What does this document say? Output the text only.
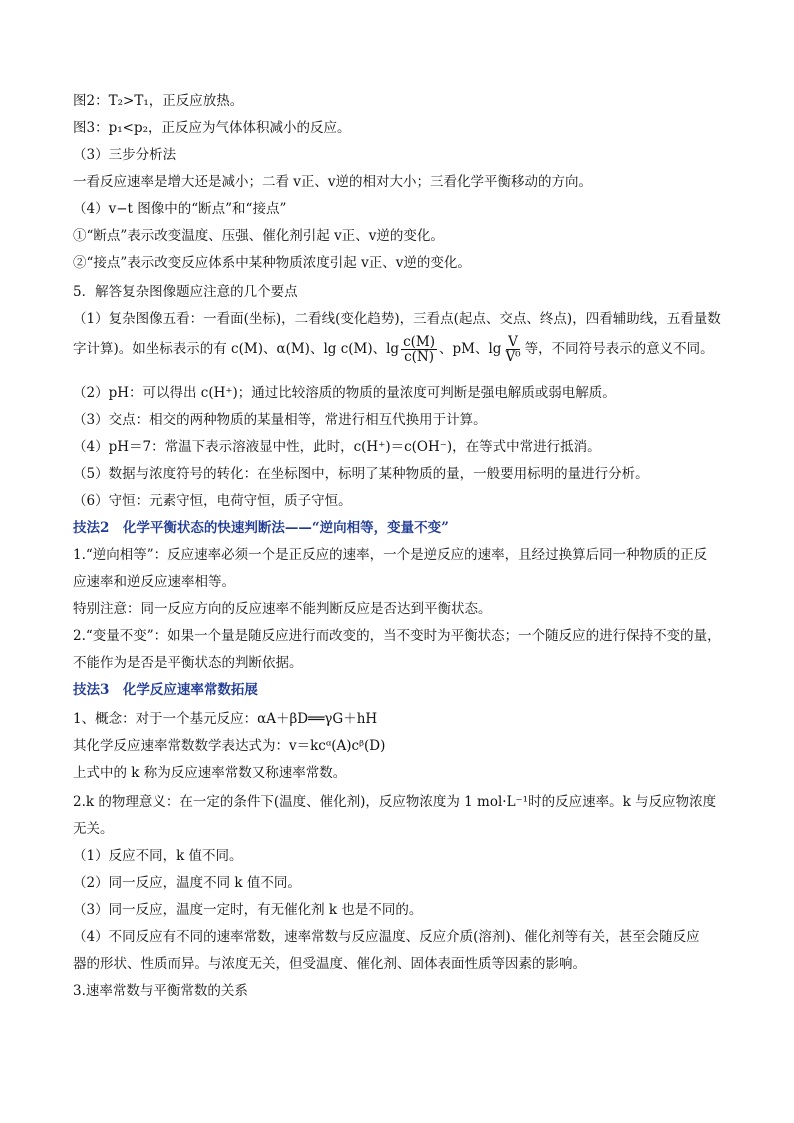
图2：T₂>T₁，正反应放热。
图3：p₁<p₂，正反应为气体体积减小的反应。
（3）三步分析法
一看反应速率是增大还是减小；二看 v正、v逆的相对大小；三看化学平衡移动的方向。
（4）v−t 图像中的“断点”和“接点”
①“断点”表示改变温度、压强、催化剂引起 v正、v逆的变化。
②“接点”表示改变反应体系中某种物质浓度引起 v正、v逆的变化。
5．解答复杂图像题应注意的几个要点
（1）复杂图像五看：一看面(坐标)，二看线(变化趋势)，三看点(起点、交点、终点)，四看辅助线，五看量数
字计算)。如坐标表示的有 c(M)、α(M)、lg c(M)、$\lg \frac{c(M)}{c(N)}$ 、pM、$\lg \frac{V}{\text{V⁰}}$ 等，不同符号表示的意义不同。
（2）pH：可以得出 c(H⁺)；通过比较溶质的物质的量浓度可判断是强电解质或弱电解质。
（3）交点：相交的两种物质的某量相等，常进行相互代换用于计算。
（4）pH＝7：常温下表示溶液显中性，此时，c(H⁺)＝c(OH⁻)，在等式中常进行抵消。
（5）数据与浓度符号的转化：在坐标图中，标明了某种物质的量，一般要用标明的量进行分析。
（6）守恒：元素守恒，电荷守恒，质子守恒。
技法2　化学平衡状态的快速判断法——“逆向相等，变量不变”
1.“逆向相等”：反应速率必须一个是正反应的速率，一个是逆反应的速率，且经过换算后同一种物质的正反
应速率和逆反应速率相等。
特别注意：同一反应方向的反应速率不能判断反应是否达到平衡状态。
2.“变量不变”：如果一个量是随反应进行而改变的，当不变时为平衡状态；一个随反应的进行保持不变的量，
不能作为是否是平衡状态的判断依据。
技法3　化学反应速率常数拓展
1、概念：对于一个基元反应：αA＋βD══γG＋hH
其化学反应速率常数数学表达式为：v＝kcᵅ(A)cᵝ(D)
上式中的 k 称为反应速率常数又称速率常数。
2.k 的物理意义：在一定的条件下(温度、催化剂)，反应物浓度为 1 mol·L⁻¹时的反应速率。k 与反应物浓度
无关。
（1）反应不同，k 值不同。
（2）同一反应，温度不同 k 值不同。
（3）同一反应，温度一定时，有无催化剂 k 也是不同的。
（4）不同反应有不同的速率常数，速率常数与反应温度、反应介质(溶剂)、催化剂等有关，甚至会随反应
器的形状、性质而异。与浓度无关，但受温度、催化剂、固体表面性质等因素的影响。
3.速率常数与平衡常数的关系
